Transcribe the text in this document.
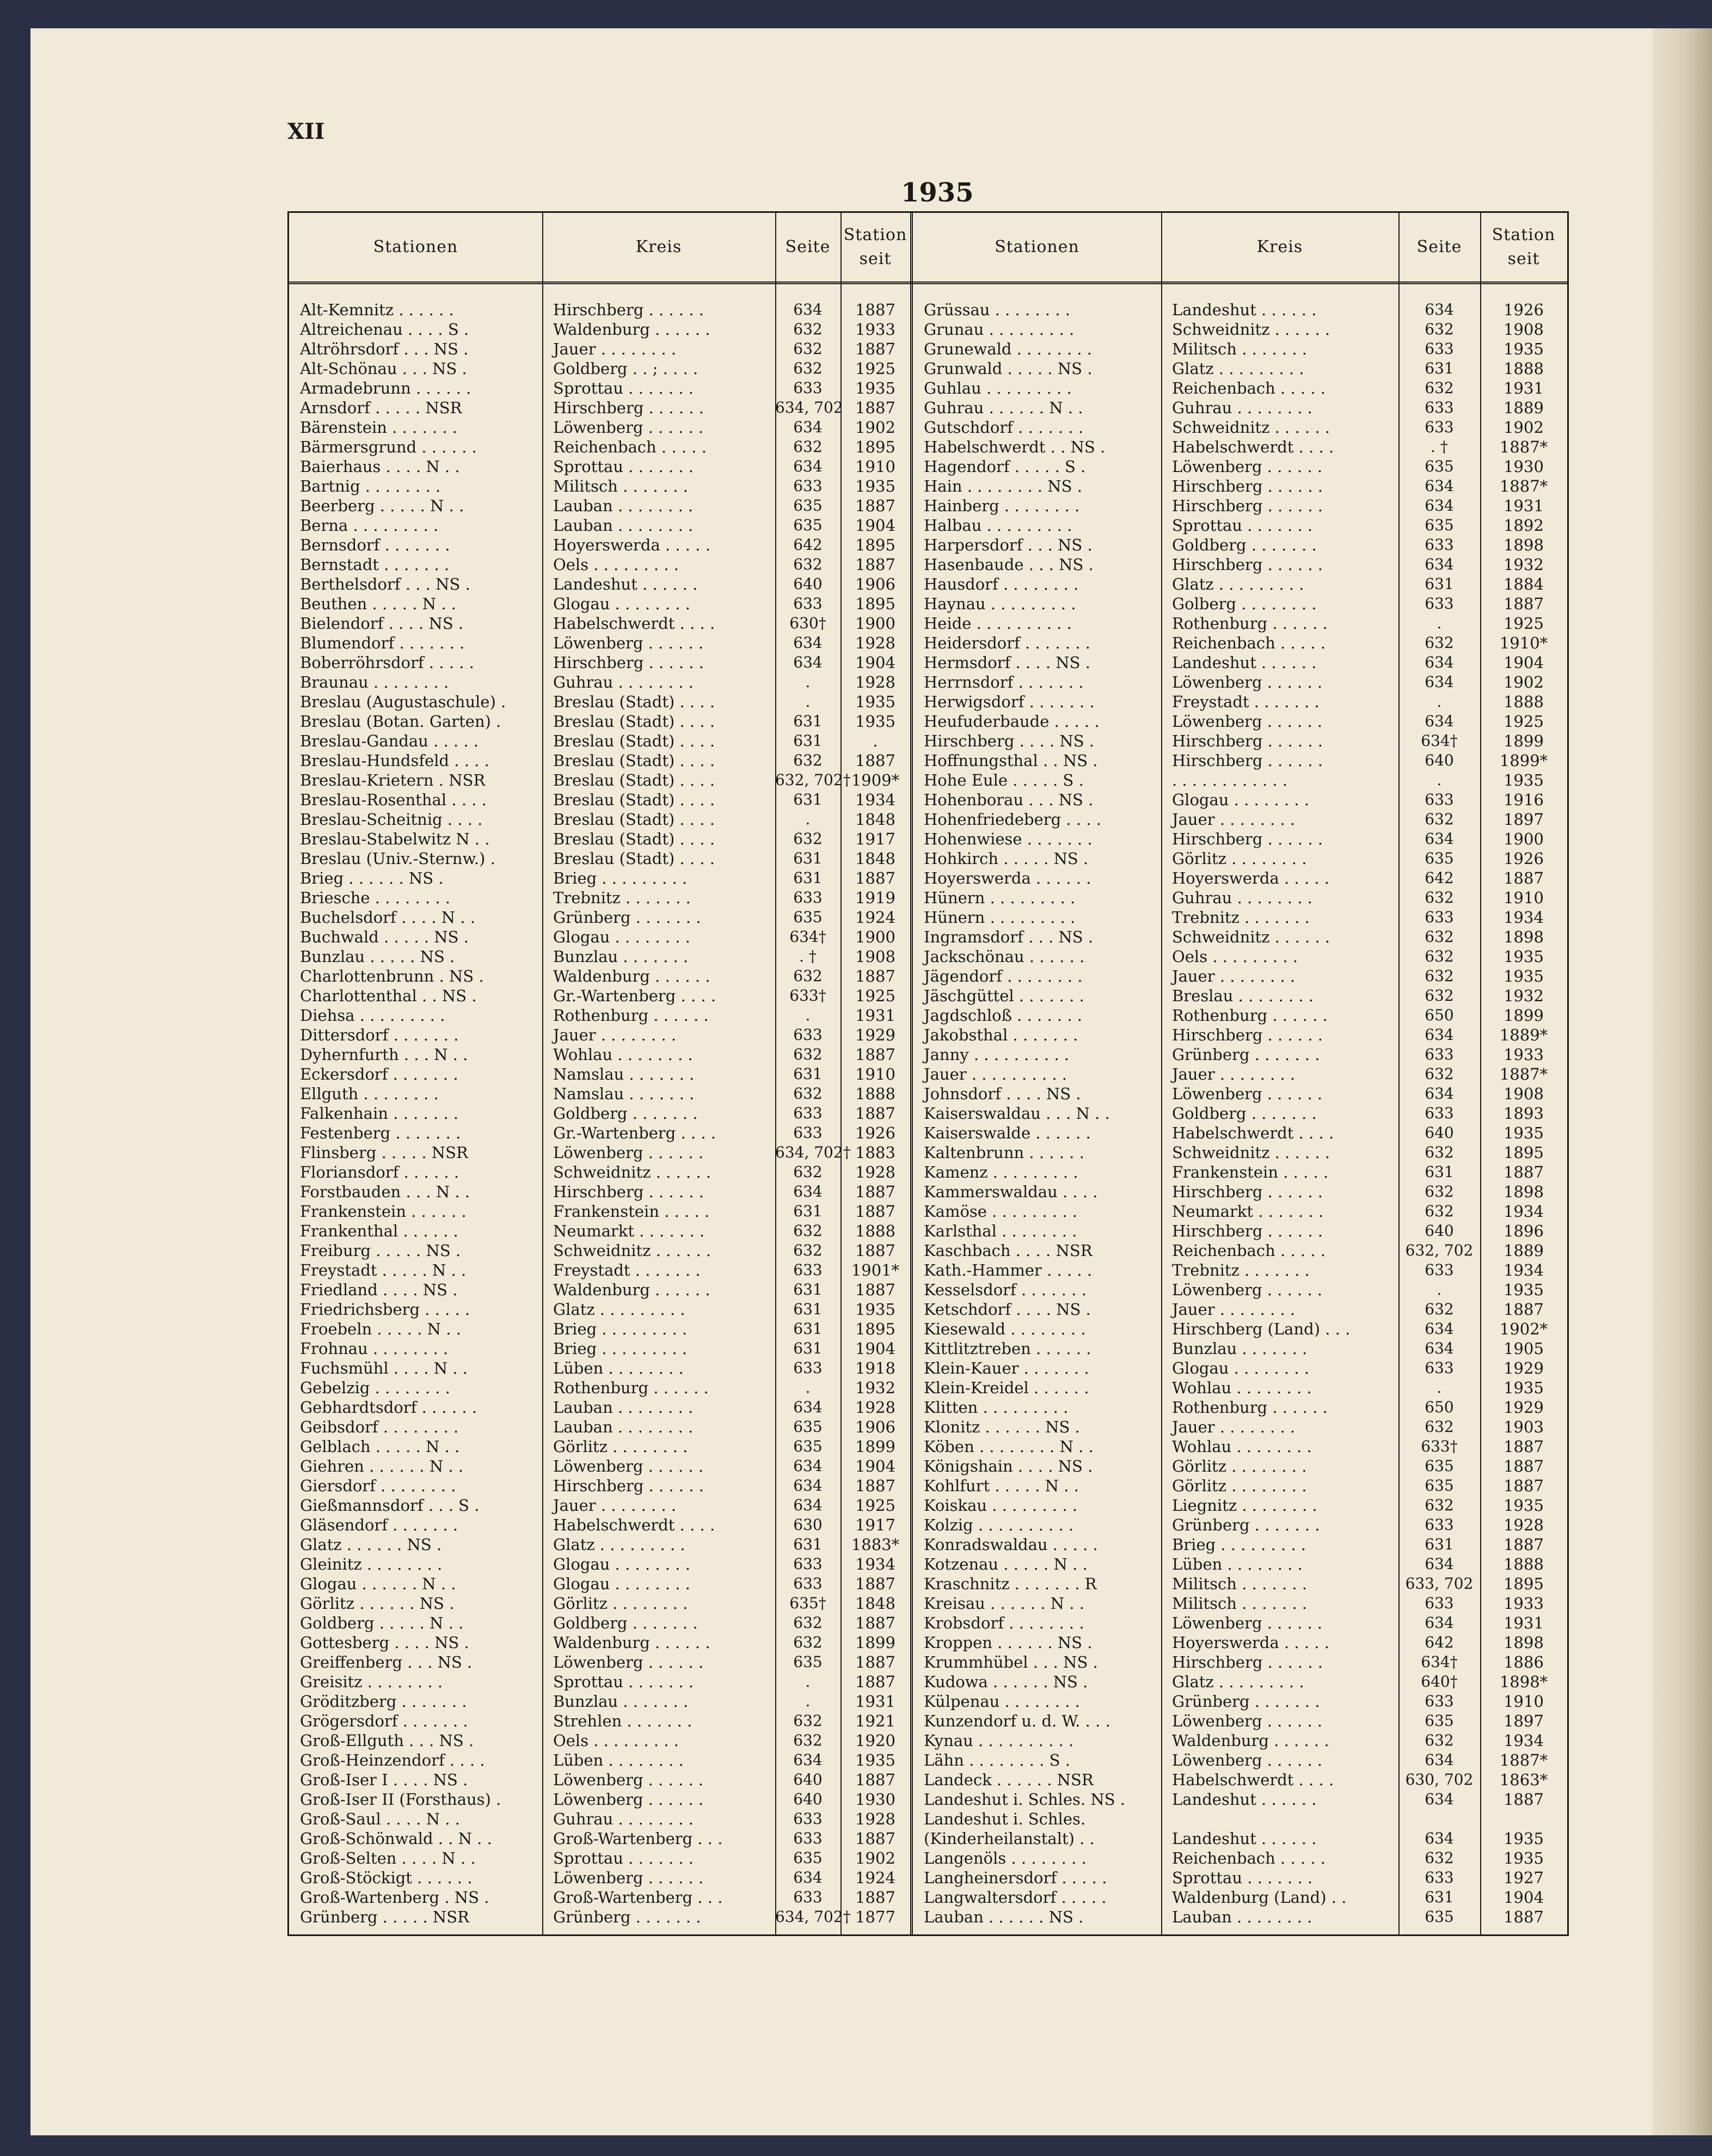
XII
1935
Stationen	Kreis	Seite
Station
seit
Stationen	Kreis	Seite
Station
seit
Alt-Kemnitz . . . . . .	Hirschberg . . . . . .	634	1887
Altreichenau . . . . S .	Waldenburg . . . . . .	632	1933
Altröhrsdorf . . . NS .	Jauer . . . . . . . .	632	1887
Alt-Schönau . . . NS .	Goldberg . . ; . . . .	632	1925
Armadebrunn . . . . . .	Sprottau . . . . . . .	633	1935
Arnsdorf . . . . . NSR	Hirschberg . . . . . .	634, 702 1887
Bärenstein . . . . . . .	Löwenberg . . . . . .	634	1902
Bärmersgrund . . . . . .	Reichenbach . . . . .	632	1895
Baierhaus . . . . N . .	Sprottau . . . . . . .	634	1910
Bartnig . . . . . . . .	Militsch . . . . . . .	633	1935
Beerberg . . . . . N . .	Lauban . . . . . . . .	635	1887
Berna . . . . . . . . .	Lauban . . . . . . . .	635	1904
Bernsdorf . . . . . . .	Hoyerswerda . . . . .	642	1895
Bernstadt . . . . . . .	Oels . . . . . . . . .	632	1887
Berthelsdorf . . . NS .	Landeshut . . . . . .	640	1906
Beuthen . . . . . N . .	Glogau . . . . . . . .	633	1895
Bielendorf . . . . NS .	Habelschwerdt . . . .	630†	1900
Blumendorf . . . . . . .	Löwenberg . . . . . .	634	1928
Boberröhrsdorf . . . . .	Hirschberg . . . . . .	634	1904
Braunau . . . . . . . .	Guhrau . . . . . . . .	.	1928
Breslau (Augustaschule) .	Breslau (Stadt) . . . .	.	1935
Breslau (Botan. Garten) .	Breslau (Stadt) . . . .	631	1935
Breslau-Gandau . . . . .	Breslau (Stadt) . . . .	631	.
Breslau-Hundsfeld . . . .	Breslau (Stadt) . . . .	632	1887
Breslau-Krietern . NSR	Breslau (Stadt) . . . .	632, 702† 1909*
Breslau-Rosenthal . . . .	Breslau (Stadt) . . . .	631	1934
Breslau-Scheitnig . . . .	Breslau (Stadt) . . . .	.	1848
Breslau-Stabelwitz N . .	Breslau (Stadt) . . . .	632	1917
Breslau (Univ.-Sternw.) .	Breslau (Stadt) . . . .	631	1848
Brieg . . . . . . NS .	Brieg . . . . . . . . .	631	1887
Briesche . . . . . . . .	Trebnitz . . . . . . .	633	1919
Buchelsdorf . . . . N . .	Grünberg . . . . . . .	635	1924
Buchwald . . . . . NS .	Glogau . . . . . . . .	634†	1900
Bunzlau . . . . . NS .	Bunzlau . . . . . . .	. †	1908
Charlottenbrunn . NS .	Waldenburg . . . . . .	632	1887
Charlottenthal . . NS .	Gr.-Wartenberg . . . .	633†	1925
Diehsa . . . . . . . . .	Rothenburg . . . . . .	.	1931
Dittersdorf . . . . . . .	Jauer . . . . . . . .	633	1929
Dyhernfurth . . . N . .	Wohlau . . . . . . . .	632	1887
Eckersdorf . . . . . . .	Namslau . . . . . . .	631	1910
Ellguth . . . . . . . .	Namslau . . . . . . .	632	1888
Falkenhain . . . . . . .	Goldberg . . . . . . .	633	1887
Festenberg . . . . . . .	Gr.-Wartenberg . . . .	633	1926
Flinsberg . . . . . NSR	Löwenberg . . . . . .	634, 702† 1883
Floriansdorf . . . . . .	Schweidnitz . . . . . .	632	1928
Forstbauden . . . N . .	Hirschberg . . . . . .	634	1887
Frankenstein . . . . . .	Frankenstein . . . . .	631	1887
Frankenthal . . . . . .	Neumarkt . . . . . . .	632	1888
Freiburg . . . . . NS .	Schweidnitz . . . . . .	632	1887
Freystadt . . . . . N . .	Freystadt . . . . . . .	633	1901*
Friedland . . . . NS .	Waldenburg . . . . . .	631	1887
Friedrichsberg . . . . .	Glatz . . . . . . . . .	631	1935
Froebeln . . . . . N . .	Brieg . . . . . . . . .	631	1895
Frohnau . . . . . . . .	Brieg . . . . . . . . .	631	1904
Fuchsmühl . . . . N . .	Lüben . . . . . . . .	633	1918
Gebelzig . . . . . . . .	Rothenburg . . . . . .	.	1932
Gebhardtsdorf . . . . . .	Lauban . . . . . . . .	634	1928
Geibsdorf . . . . . . . .	Lauban . . . . . . . .	635	1906
Gelblach . . . . . N . .	Görlitz . . . . . . . .	635	1899
Giehren . . . . . . N . .	Löwenberg . . . . . .	634	1904
Giersdorf . . . . . . . .	Hirschberg . . . . . .	634	1887
Gießmannsdorf . . . S .	Jauer . . . . . . . .	634	1925
Gläsendorf . . . . . . .	Habelschwerdt . . . .	630	1917
Glatz . . . . . . NS .	Glatz . . . . . . . . .	631	1883*
Gleinitz . . . . . . . .	Glogau . . . . . . . .	633	1934
Glogau . . . . . . N . .	Glogau . . . . . . . .	633	1887
Görlitz . . . . . . NS .	Görlitz . . . . . . . .	635†	1848
Goldberg . . . . . N . .	Goldberg . . . . . . .	632	1887
Gottesberg . . . . NS .	Waldenburg . . . . . .	632	1899
Greiffenberg . . . NS .	Löwenberg . . . . . .	635	1887
Greisitz . . . . . . . .	Sprottau . . . . . . .	.	1887
Gröditzberg . . . . . . .	Bunzlau . . . . . . .	.	1931
Grögersdorf . . . . . . .	Strehlen . . . . . . .	632	1921
Groß-Ellguth . . . NS .	Oels . . . . . . . . .	632	1920
Groß-Heinzendorf . . . .	Lüben . . . . . . . .	634	1935
Groß-Iser I . . . . NS .	Löwenberg . . . . . .	640	1887
Groß-Iser II (Forsthaus) .	Löwenberg . . . . . .	640	1930
Groß-Saul . . . . N . .	Guhrau . . . . . . . .	633	1928
Groß-Schönwald . . N . .	Groß-Wartenberg . . .	633	1887
Groß-Selten . . . . N . .	Sprottau . . . . . . .	635	1902
Groß-Stöckigt . . . . . .	Löwenberg . . . . . .	634	1924
Groß-Wartenberg . NS .	Groß-Wartenberg . . .	633	1887
Grünberg . . . . . NSR	Grünberg . . . . . . .	634, 702† 1877
Grüssau . . . . . . . .	Landeshut . . . . . .	634	1926
Grunau . . . . . . . . .	Schweidnitz . . . . . .	632	1908
Grunewald . . . . . . . .	Militsch . . . . . . .	633	1935
Grunwald . . . . . NS .	Glatz . . . . . . . . .	631	1888
Guhlau . . . . . . . . .	Reichenbach . . . . .	632	1931
Guhrau . . . . . . N . .	Guhrau . . . . . . . .	633	1889
Gutschdorf . . . . . . .	Schweidnitz . . . . . .	633	1902
Habelschwerdt . . NS .	Habelschwerdt . . . .	. †	1887*
Hagendorf . . . . . S .	Löwenberg . . . . . .	635	1930
Hain . . . . . . . . NS .	Hirschberg . . . . . .	634	1887*
Hainberg . . . . . . . .	Hirschberg . . . . . .	634	1931
Halbau . . . . . . . . .	Sprottau . . . . . . .	635	1892
Harpersdorf . . . NS .	Goldberg . . . . . . .	633	1898
Hasenbaude . . . NS .	Hirschberg . . . . . .	634	1932
Hausdorf . . . . . . . .	Glatz . . . . . . . . .	631	1884
Haynau . . . . . . . . .	Golberg . . . . . . . .	633	1887
Heide . . . . . . . . . .	Rothenburg . . . . . .	.	1925
Heidersdorf . . . . . . .	Reichenbach . . . . .	632	1910*
Hermsdorf . . . . NS .	Landeshut . . . . . .	634	1904
Herrnsdorf . . . . . . .	Löwenberg . . . . . .	634	1902
Herwigsdorf . . . . . . .	Freystadt . . . . . . .	.	1888
Heufuderbaude . . . . .	Löwenberg . . . . . .	634	1925
Hirschberg . . . . NS .	Hirschberg . . . . . .	634†	1899
Hoffnungsthal . . NS .	Hirschberg . . . . . .	640	1899*
Hohe Eule . . . . . S .	. . . . . . . . . . . .	.	1935
Hohenborau . . . NS .	Glogau . . . . . . . .	633	1916
Hohenfriedeberg . . . .	Jauer . . . . . . . .	632	1897
Hohenwiese . . . . . . .	Hirschberg . . . . . .	634	1900
Hohkirch . . . . . NS .	Görlitz . . . . . . . .	635	1926
Hoyerswerda . . . . . .	Hoyerswerda . . . . .	642	1887
Hünern . . . . . . . . .	Guhrau . . . . . . . .	632	1910
Hünern . . . . . . . . .	Trebnitz . . . . . . .	633	1934
Ingramsdorf . . . NS .	Schweidnitz . . . . . .	632	1898
Jackschönau . . . . . .	Oels . . . . . . . . .	632	1935
Jägendorf . . . . . . . .	Jauer . . . . . . . .	632	1935
Jäschgüttel . . . . . . .	Breslau . . . . . . . .	632	1932
Jagdschloß . . . . . . .	Rothenburg . . . . . .	650	1899
Jakobsthal . . . . . . .	Hirschberg . . . . . .	634	1889*
Janny . . . . . . . . . .	Grünberg . . . . . . .	633	1933
Jauer . . . . . . . . . .	Jauer . . . . . . . .	632	1887*
Johnsdorf . . . . NS .	Löwenberg . . . . . .	634	1908
Kaiserswaldau . . . N . .	Goldberg . . . . . . .	633	1893
Kaiserswalde . . . . . .	Habelschwerdt . . . .	640	1935
Kaltenbrunn . . . . . .	Schweidnitz . . . . . .	632	1895
Kamenz . . . . . . . . .	Frankenstein . . . . .	631	1887
Kammerswaldau . . . .	Hirschberg . . . . . .	632	1898
Kamöse . . . . . . . . .	Neumarkt . . . . . . .	632	1934
Karlsthal . . . . . . . .	Hirschberg . . . . . .	640	1896
Kaschbach . . . . NSR	Reichenbach . . . . .	632, 702	1889
Kath.-Hammer . . . . .	Trebnitz . . . . . . .	633	1934
Kesselsdorf . . . . . . .	Löwenberg . . . . . .	.	1935
Ketschdorf . . . . NS .	Jauer . . . . . . . .	632	1887
Kiesewald . . . . . . . .	Hirschberg (Land) . . .	634	1902*
Kittlitztreben . . . . . .	Bunzlau . . . . . . .	634	1905
Klein-Kauer . . . . . . .	Glogau . . . . . . . .	633	1929
Klein-Kreidel . . . . . .	Wohlau . . . . . . . .	.	1935
Klitten . . . . . . . . .	Rothenburg . . . . . .	650	1929
Klonitz . . . . . . NS .	Jauer . . . . . . . .	632	1903
Köben . . . . . . . . N . .	Wohlau . . . . . . . .	633†	1887
Königshain . . . . NS .	Görlitz . . . . . . . .	635	1887
Kohlfurt . . . . . N . .	Görlitz . . . . . . . .	635	1887
Koiskau . . . . . . . . .	Liegnitz . . . . . . . .	632	1935
Kolzig . . . . . . . . . .	Grünberg . . . . . . .	633	1928
Konradswaldau . . . . .	Brieg . . . . . . . . .	631	1887
Kotzenau . . . . . N . .	Lüben . . . . . . . .	634	1888
Kraschnitz . . . . . . . R	Militsch . . . . . . .	633, 702	1895
Kreisau . . . . . . N . .	Militsch . . . . . . .	633	1933
Krobsdorf . . . . . . . .	Löwenberg . . . . . .	634	1931
Kroppen . . . . . . NS .	Hoyerswerda . . . . .	642	1898
Krummhübel . . . NS .	Hirschberg . . . . . .	634†	1886
Kudowa . . . . . . NS .	Glatz . . . . . . . . .	640†	1898*
Külpenau . . . . . . . .	Grünberg . . . . . . .	633	1910
Kunzendorf u. d. W. . . .	Löwenberg . . . . . .	635	1897
Kynau . . . . . . . . . .	Waldenburg . . . . . .	632	1934
Lähn . . . . . . . . S .	Löwenberg . . . . . .	634	1887*
Landeck . . . . . . NSR	Habelschwerdt . . . .	630, 702	1863*
Landeshut i. Schles. NS .	Landeshut . . . . . .	634	1887
Landeshut i. Schles.
(Kinderheilanstalt) . .	Landeshut . . . . . .	634	1935
Langenöls . . . . . . . .	Reichenbach . . . . .	632	1935
Langheinersdorf . . . . .	Sprottau . . . . . . .	633	1927
Langwaltersdorf . . . . .	Waldenburg (Land) . .	631	1904
Lauban . . . . . . NS .	Lauban . . . . . . . .	635	1887
